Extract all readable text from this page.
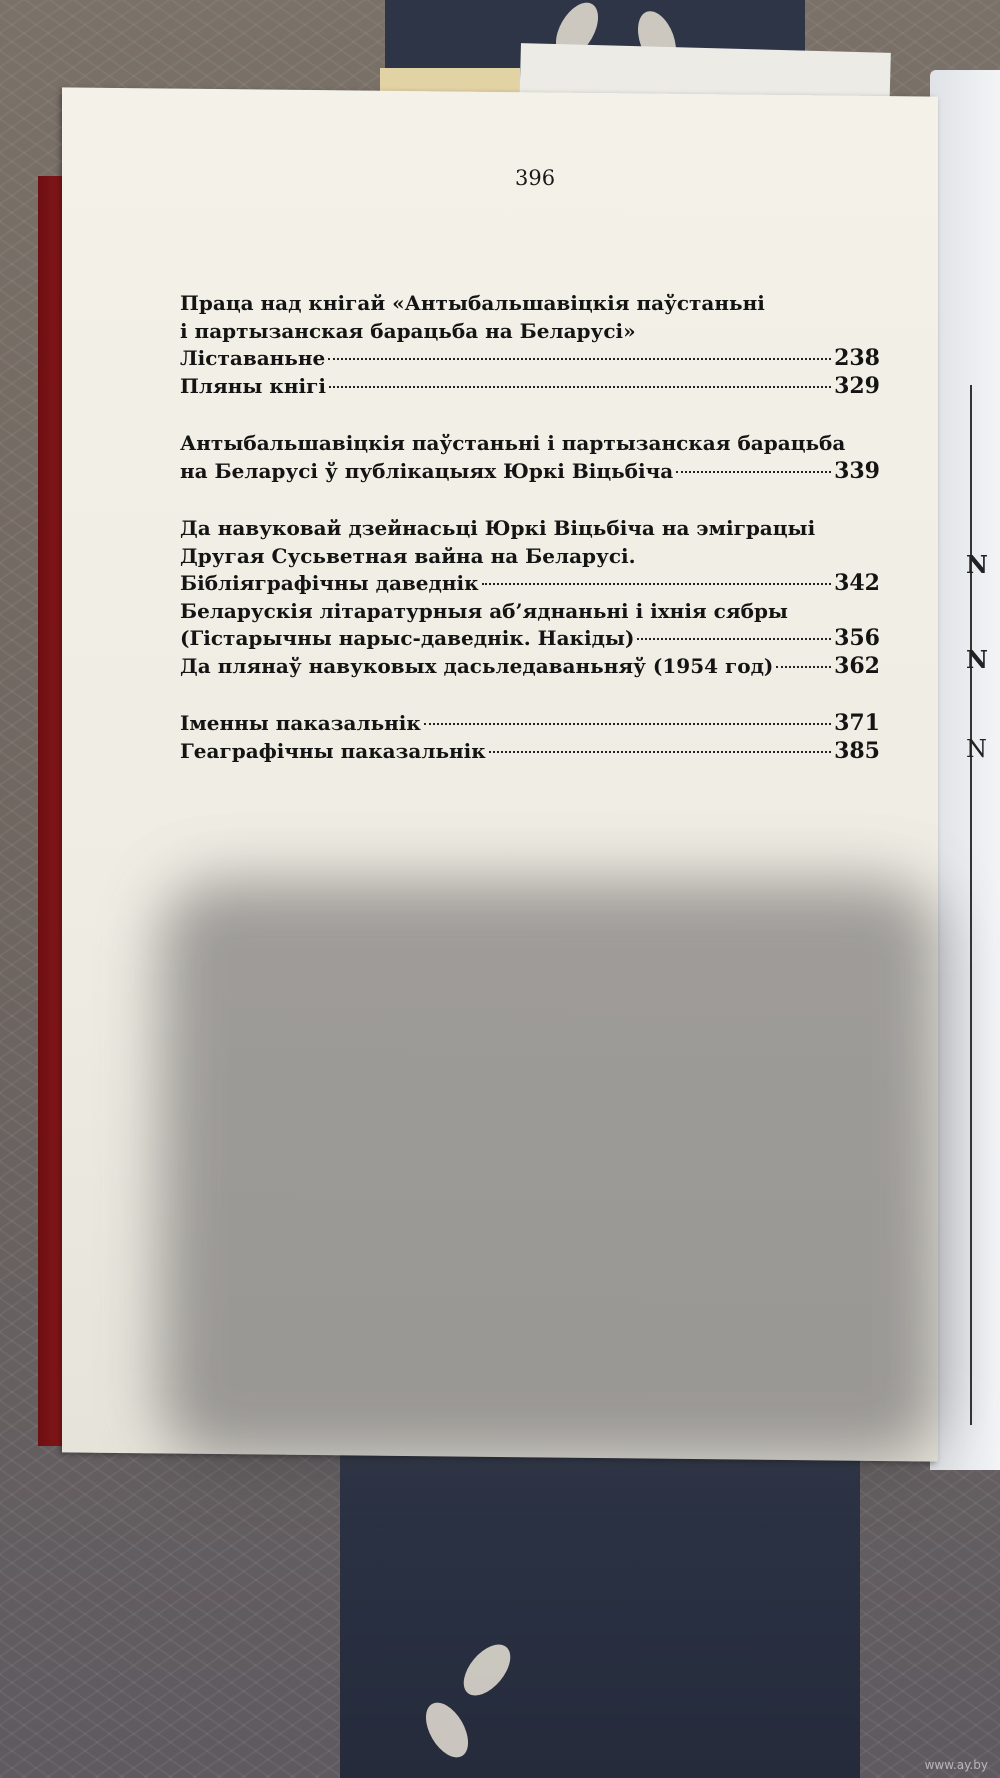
N
N
N
396
Праца над кнігай «Антыбальшавіцкія паўстаньні
і партызанская барацьба на Беларусі»
Ліставаньне	238
Пляны кнігі	329
Антыбальшавіцкія паўстаньні і партызанская барацьба
на Беларусі ў публікацыях Юркі Віцьбіча	339
Да навуковай дзейнасьці Юркі Віцьбіча на эміграцыі
Другая Сусьветная вайна на Беларусі.
Бібліяграфічны даведнік	342
Беларускія літаратурныя аб’яднаньні і іхнія сябры
(Гістарычны нарыс-даведнік. Накіды)	356
Да плянаў навуковых дасьледаваньняў (1954 год)	362
Іменны паказальнік	371
Геаграфічны паказальнік	385
www.ay.by
